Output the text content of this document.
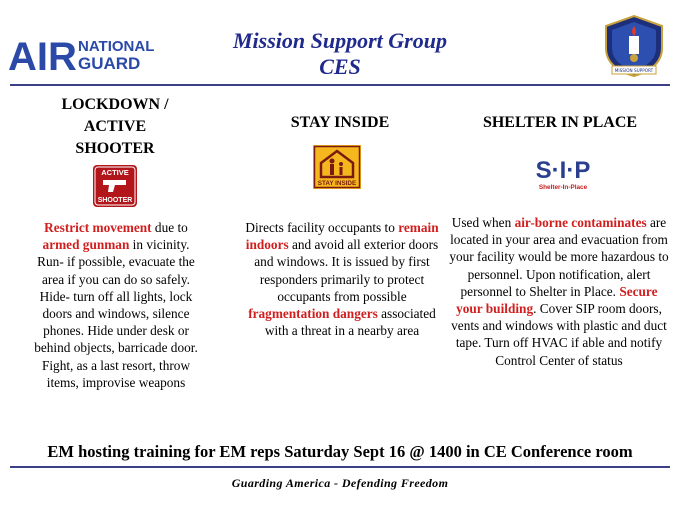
AIR NATIONAL
GUARD
Mission Support Group
CES	MISSION SUPPORT
LOCKDOWN /
ACTIVE
SHOOTER
ACTIVE
SHOOTER
Restrict movement due to armed gunman in vicinity. Run- if possible, evacuate the area if you can do so safely. Hide- turn off all lights, lock doors and windows, silence phones. Hide under desk or behind objects, barricade door. Fight, as a last resort, throw items, improvise weapons
STAY INSIDE
STAY INSIDE
Directs facility occupants to remain indoors and avoid all exterior doors and windows. It is issued by first responders primarily to protect occupants from possible fragmentation dangers associated with a threat in a nearby area
SHELTER IN PLACE
S·I·P
Shelter-In-Place
Used when air-borne contaminates are located in your area and evacuation from your facility would be more hazardous to personnel. Upon notification, alert personnel to Shelter in Place. Secure your building. Cover SIP room doors, vents and windows with plastic and duct tape. Turn off HVAC if able and notify Control Center of status
EM hosting training for EM reps Saturday Sept 16 @ 1400 in CE Conference room
Guarding America - Defending Freedom
